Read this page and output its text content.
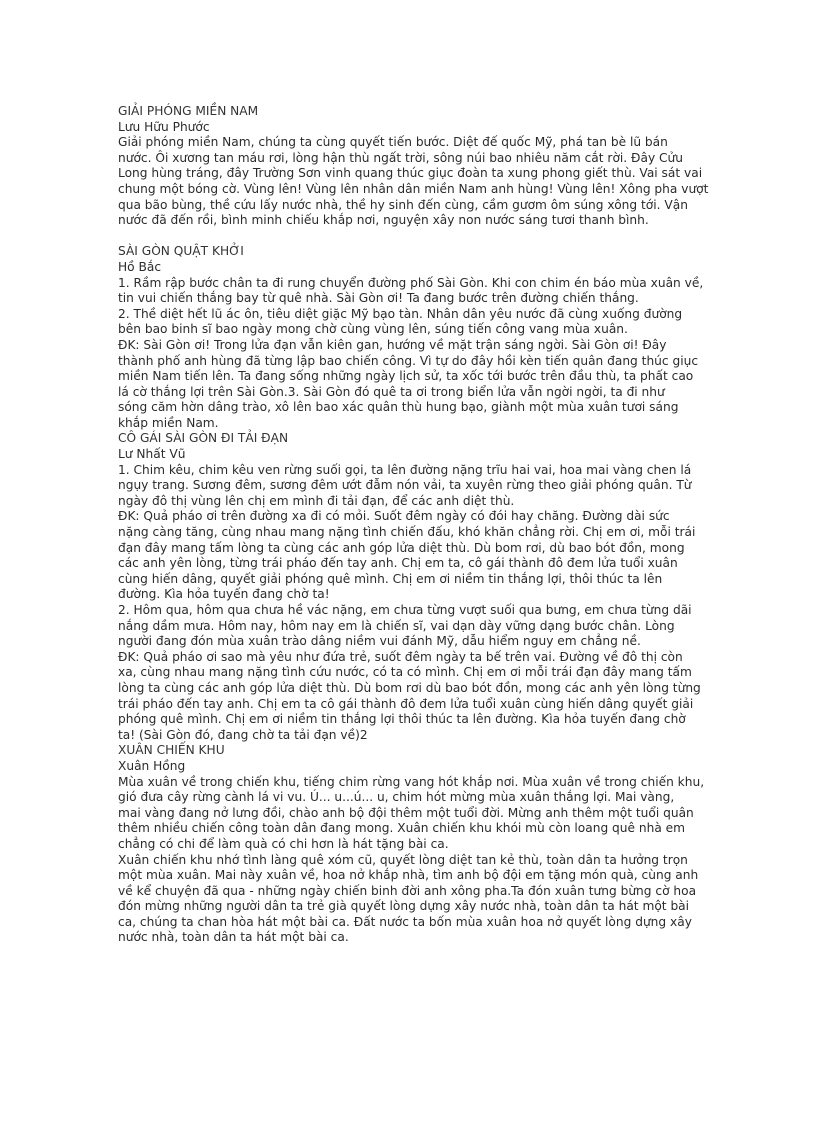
GIẢI PHÓNG MIỀN NAM
Lưu Hữu Phước
Giải phóng miền Nam, chúng ta cùng quyết tiến bước. Diệt đế quốc Mỹ, phá tan bè lũ bán
nước. Ôi xương tan máu rơi, lòng hận thù ngất trời, sông núi bao nhiêu năm cắt rời. Đây Cửu
Long hùng tráng, đây Trường Sơn vinh quang thúc giục đoàn ta xung phong giết thù. Vai sát vai
chung một bóng cờ. Vùng lên! Vùng lên nhân dân miền Nam anh hùng! Vùng lên! Xông pha vượt
qua bão bùng, thề cứu lấy nước nhà, thề hy sinh đến cùng, cầm gươm ôm súng xông tới. Vận
nước đã đến rồi, bình minh chiếu khắp nơi, nguyện xây non nước sáng tươi thanh bình.
SÀI GÒN QUẬT KHỞI
Hồ Bắc
1. Rầm rập bước chân ta đi rung chuyển đường phố Sài Gòn. Khi con chim én báo mùa xuân về,
tin vui chiến thắng bay từ quê nhà. Sài Gòn ơi! Ta đang bước trên đường chiến thắng.
2. Thề diệt hết lũ ác ôn, tiêu diệt giặc Mỹ bạo tàn. Nhân dân yêu nước đã cùng xuống đường
bên bao binh sĩ bao ngày mong chờ cùng vùng lên, súng tiến công vang mùa xuân.
ĐK: Sài Gòn ơi! Trong lửa đạn vẫn kiên gan, hướng về mặt trận sáng ngời. Sài Gòn ơi! Đây
thành phố anh hùng đã từng lập bao chiến công. Vì tự do đây hồi kèn tiến quân đang thúc giục
miền Nam tiến lên. Ta đang sống những ngày lịch sử, ta xốc tới bước trên đầu thù, ta phất cao
lá cờ thắng lợi trên Sài Gòn.3. Sài Gòn đó quê ta ơi trong biển lửa vẫn ngời ngời, ta đi như
sóng căm hờn dâng trào, xô lên bao xác quân thù hung bạo, giành một mùa xuân tươi sáng
khắp miền Nam.
CÔ GÁI SÀI GÒN ĐI TẢI ĐẠN
Lư Nhất Vũ
1. Chim kêu, chim kêu ven rừng suối gọi, ta lên đường nặng trĩu hai vai, hoa mai vàng chen lá
ngụy trang. Sương đêm, sương đêm ướt đẫm nón vải, ta xuyên rừng theo giải phóng quân. Từ
ngày đô thị vùng lên chị em mình đi tải đạn, để các anh diệt thù.
ĐK: Quả pháo ơi trên đường xa đi có mỏi. Suốt đêm ngày có đói hay chăng. Đường dài sức
nặng càng tăng, cùng nhau mang nặng tình chiến đấu, khó khăn chẳng rời. Chị em ơi, mỗi trái
đạn đây mang tấm lòng ta cùng các anh góp lửa diệt thù. Dù bom rơi, dù bao bót đồn, mong
các anh yên lòng, từng trái pháo đến tay anh. Chị em ta, cô gái thành đô đem lửa tuổi xuân
cùng hiến dâng, quyết giải phóng quê mình. Chị em ơi niềm tin thắng lợi, thôi thúc ta lên
đường. Kìa hỏa tuyến đang chờ ta!
2. Hôm qua, hôm qua chưa hề vác nặng, em chưa từng vượt suối qua bưng, em chưa từng dãi
nắng dầm mưa. Hôm nay, hôm nay em là chiến sĩ, vai dạn dày vững dạng bước chân. Lòng
người đang đón mùa xuân trào dâng niềm vui đánh Mỹ, dẫu hiểm nguy em chẳng nề.
ĐK: Quả pháo ơi sao mà yêu như đứa trẻ, suốt đêm ngày ta bế trên vai. Đường về đô thị còn
xa, cùng nhau mang nặng tình cứu nước, có ta có mình. Chị em ơi mỗi trái đạn đây mang tấm
lòng ta cùng các anh góp lửa diệt thù. Dù bom rơi dù bao bót đồn, mong các anh yên lòng từng
trái pháo đến tay anh. Chị em ta cô gái thành đô đem lửa tuổi xuân cùng hiến dâng quyết giải
phóng quê mình. Chị em ơi niềm tin thắng lợi thôi thúc ta lên đường. Kìa hỏa tuyến đang chờ
ta! (Sài Gòn đó, đang chờ ta tải đạn về)2
XUÂN CHIẾN KHU
Xuân Hồng
Mùa xuân về trong chiến khu, tiếng chim rừng vang hót khắp nơi. Mùa xuân về trong chiến khu,
gió đưa cây rừng cành lá vi vu. Ú... u...ú... u, chim hót mừng mùa xuân thắng lợi. Mai vàng,
mai vàng đang nở lưng đồi, chào anh bộ đội thêm một tuổi đời. Mừng anh thêm một tuổi quân
thêm nhiều chiến công toàn dân đang mong. Xuân chiến khu khói mù còn loang quê nhà em
chẳng có chi để làm quà có chi hơn là hát tặng bài ca.
Xuân chiến khu nhớ tình làng quê xóm cũ, quyết lòng diệt tan kẻ thù, toàn dân ta hưởng trọn
một mùa xuân. Mai này xuân về, hoa nở khắp nhà, tìm anh bộ đội em tặng món quà, cùng anh
về kể chuyện đã qua - những ngày chiến binh đời anh xông pha.Ta đón xuân tưng bừng cờ hoa
đón mừng những người dân ta trẻ già quyết lòng dựng xây nước nhà, toàn dân ta hát một bài
ca, chúng ta chan hòa hát một bài ca. Đất nước ta bốn mùa xuân hoa nở quyết lòng dựng xây
nước nhà, toàn dân ta hát một bài ca.
